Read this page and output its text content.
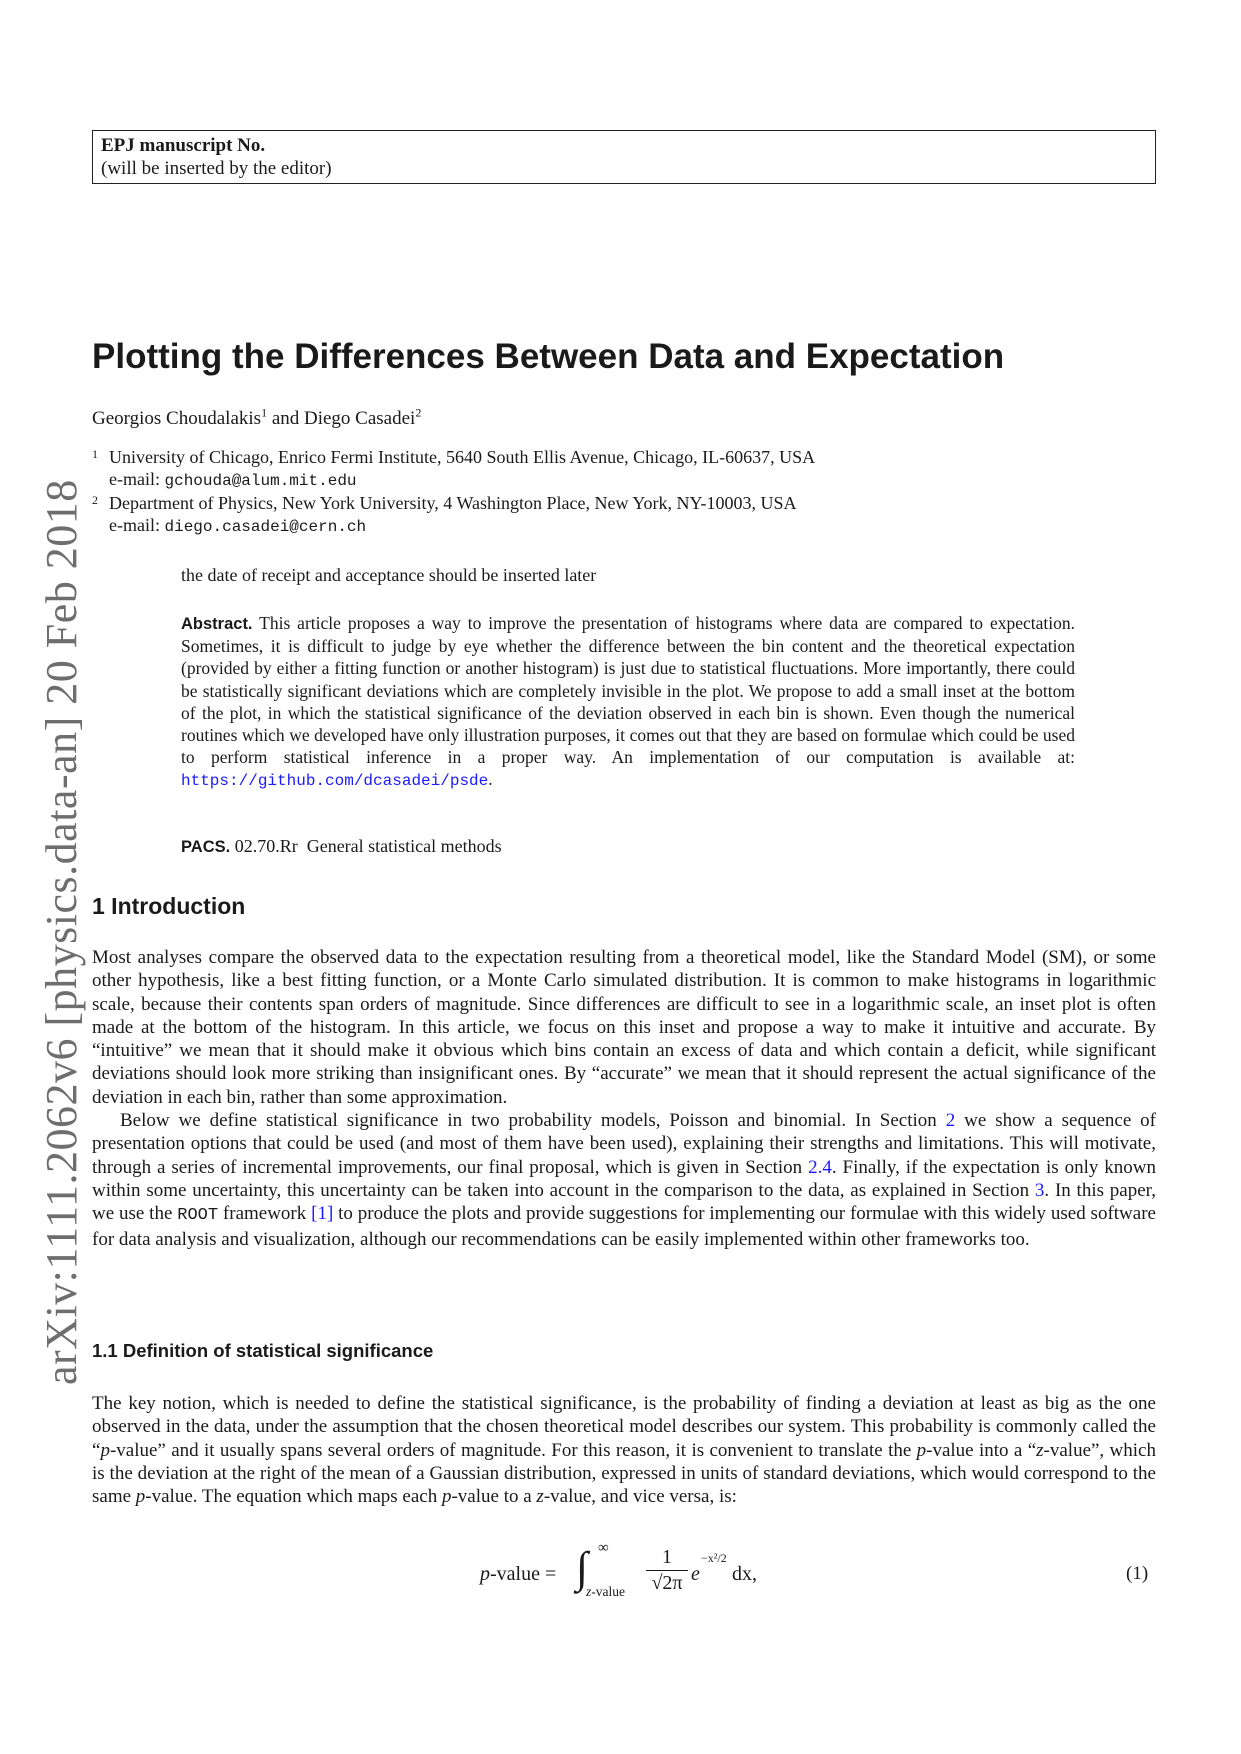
arXiv:1111.2062v6 [physics.data-an] 20 Feb 2018
EPJ manuscript No.
(will be inserted by the editor)
Plotting the Differences Between Data and Expectation
Georgios Choudalakis$^1$ and Diego Casadei$^2$
1 University of Chicago, Enrico Fermi Institute, 5640 South Ellis Avenue, Chicago, IL-60637, USA
e-mail: gchouda@alum.mit.edu
2 Department of Physics, New York University, 4 Washington Place, New York, NY-10003, USA
e-mail: diego.casadei@cern.ch
the date of receipt and acceptance should be inserted later

Abstract. This article proposes a way to improve the presentation of histograms where data are compared to expectation. Sometimes, it is difficult to judge by eye whether the difference between the bin content and the theoretical expectation (provided by either a fitting function or another histogram) is just due to statistical fluctuations. More importantly, there could be statistically significant deviations which are completely invisible in the plot. We propose to add a small inset at the bottom of the plot, in which the statistical significance of the deviation observed in each bin is shown. Even though the numerical routines which we developed have only illustration purposes, it comes out that they are based on formulae which could be used to perform statistical inference in a proper way. An implementation of our computation is available at: https://github.com/dcasadei/psde.

PACS. 02.70.Rr  General statistical methods
1 Introduction

Most analyses compare the observed data to the expectation resulting from a theoretical model, like the Standard Model (SM), or some other hypothesis, like a best fitting function, or a Monte Carlo simulated distribution. It is common to make histograms in logarithmic scale, because their contents span orders of magnitude. Since differences are difficult to see in a logarithmic scale, an inset plot is often made at the bottom of the histogram. In this article, we focus on this inset and propose a way to make it intuitive and accurate. By “intuitive” we mean that it should make it obvious which bins contain an excess of data and which contain a deficit, while significant deviations should look more striking than insignificant ones. By “accurate” we mean that it should represent the actual significance of the deviation in each bin, rather than some approximation.

Below we define statistical significance in two probability models, Poisson and binomial. In Section 2 we show a sequence of presentation options that could be used (and most of them have been used), explaining their strengths and limitations. This will motivate, through a series of incremental improvements, our final proposal, which is given in Section 2.4. Finally, if the expectation is only known within some uncertainty, this uncertainty can be taken into account in the comparison to the data, as explained in Section 3. In this paper, we use the ROOT framework [1] to produce the plots and provide suggestions for implementing our formulae with this widely used software for data analysis and visualization, although our recommendations can be easily implemented within other frameworks too.

1.1 Definition of statistical significance

The key notion, which is needed to define the statistical significance, is the probability of finding a deviation at least as big as the one observed in the data, under the assumption that the chosen theoretical model describes our system. This probability is commonly called the “p-value” and it usually spans several orders of magnitude. For this reason, it is convenient to translate the p-value into a “z-value”, which is the deviation at the right of the mean of a Gaussian distribution, expressed in units of standard deviations, which would correspond to the same p-value. The equation which maps each p-value to a z-value, and vice versa, is:

p-value = ∫ ∞
z-value $\frac{1}{√2\pi}$ e
−x²/2
dx,	(1)
